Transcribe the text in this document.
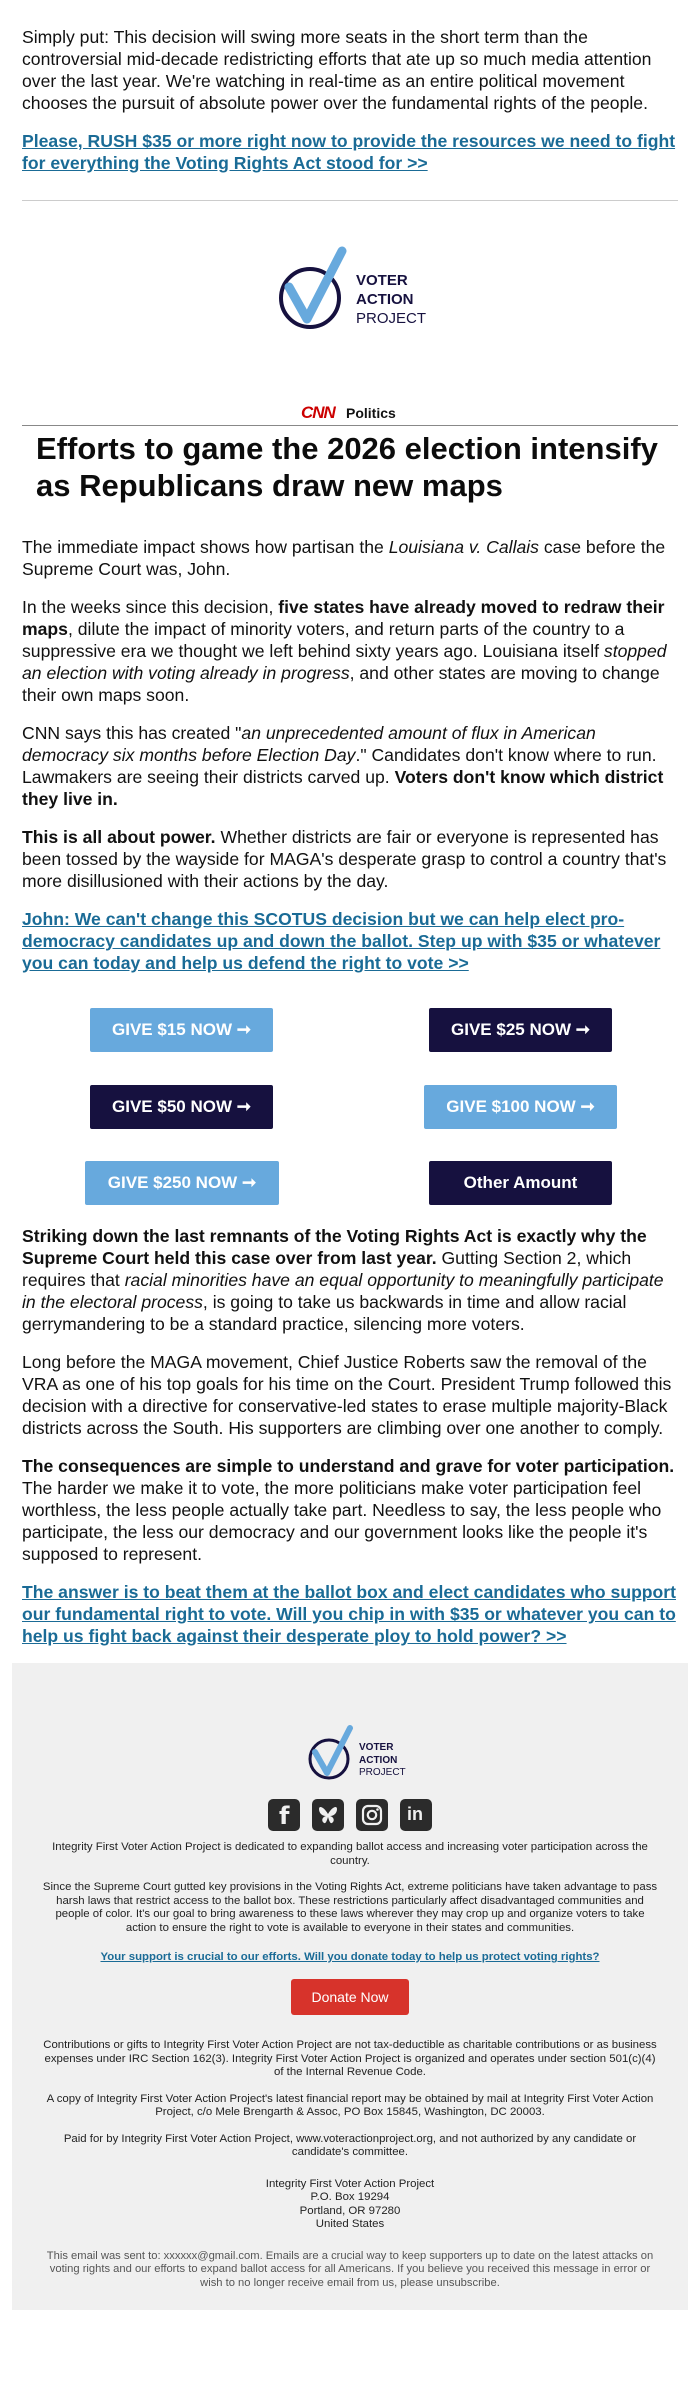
Simply put: This decision will swing more seats in the short term than the controversial mid-decade redistricting efforts that ate up so much media attention over the last year. We're watching in real-time as an entire political movement chooses the pursuit of absolute power over the fundamental rights of the people.

Please, RUSH $35 or more right now to provide the resources we need to fight for everything the Voting Rights Act stood for >>
VOTER
ACTION
PROJECT
CNN Politics
Efforts to game the 2026 election intensify as Republicans draw new maps

The immediate impact shows how partisan the Louisiana v. Callais case before the Supreme Court was, John.

In the weeks since this decision, five states have already moved to redraw their maps, dilute the impact of minority voters, and return parts of the country to a suppressive era we thought we left behind sixty years ago. Louisiana itself stopped an election with voting already in progress, and other states are moving to change their own maps soon.

CNN says this has created "an unprecedented amount of flux in American democracy six months before Election Day." Candidates don't know where to run. Lawmakers are seeing their districts carved up. Voters don't know which district they live in.

This is all about power. Whether districts are fair or everyone is represented has been tossed by the wayside for MAGA's desperate grasp to control a country that's more disillusioned with their actions by the day.

John: We can't change this SCOTUS decision but we can help elect pro-democracy candidates up and down the ballot. Step up with $35 or whatever you can today and help us defend the right to vote >>
GIVE $15 NOW ➞	GIVE $25 NOW ➞
GIVE $50 NOW ➞	GIVE $100 NOW ➞
GIVE $250 NOW ➞	Other Amount

Striking down the last remnants of the Voting Rights Act is exactly why the Supreme Court held this case over from last year. Gutting Section 2, which requires that racial minorities have an equal opportunity to meaningfully participate in the electoral process, is going to take us backwards in time and allow racial gerrymandering to be a standard practice, silencing more voters.

Long before the MAGA movement, Chief Justice Roberts saw the removal of the VRA as one of his top goals for his time on the Court. President Trump followed this decision with a directive for conservative-led states to erase multiple majority-Black districts across the South. His supporters are climbing over one another to comply.

The consequences are simple to understand and grave for voter participation. The harder we make it to vote, the more politicians make voter participation feel worthless, the less people actually take part. Needless to say, the less people who participate, the less our democracy and our government looks like the people it's supposed to represent.

The answer is to beat them at the ballot box and elect candidates who support our fundamental right to vote. Will you chip in with $35 or whatever you can to help us fight back against their desperate ploy to hold power? >>
VOTER
ACTION
PROJECT
f	in

Integrity First Voter Action Project is dedicated to expanding ballot access and increasing voter participation across the country.

Since the Supreme Court gutted key provisions in the Voting Rights Act, extreme politicians have taken advantage to pass harsh laws that restrict access to the ballot box. These restrictions particularly affect disadvantaged communities and people of color. It's our goal to bring awareness to these laws wherever they may crop up and organize voters to take action to ensure the right to vote is available to everyone in their states and communities.

Your support is crucial to our efforts. Will you donate today to help us protect voting rights?
Donate Now

Contributions or gifts to Integrity First Voter Action Project are not tax-deductible as charitable contributions or as business expenses under IRC Section 162(3). Integrity First Voter Action Project is organized and operates under section 501(c)(4) of the Internal Revenue Code.

A copy of Integrity First Voter Action Project's latest financial report may be obtained by mail at Integrity First Voter Action Project, c/o Mele Brengarth & Assoc, PO Box 15845, Washington, DC 20003.

Paid for by Integrity First Voter Action Project, www.voteractionproject.org, and not authorized by any candidate or candidate's committee.

Integrity First Voter Action Project
P.O. Box 19294
Portland, OR 97280
United States

This email was sent to: xxxxxx@gmail.com. Emails are a crucial way to keep supporters up to date on the latest attacks on voting rights and our efforts to expand ballot access for all Americans. If you believe you received this message in error or wish to no longer receive email from us, please unsubscribe.
